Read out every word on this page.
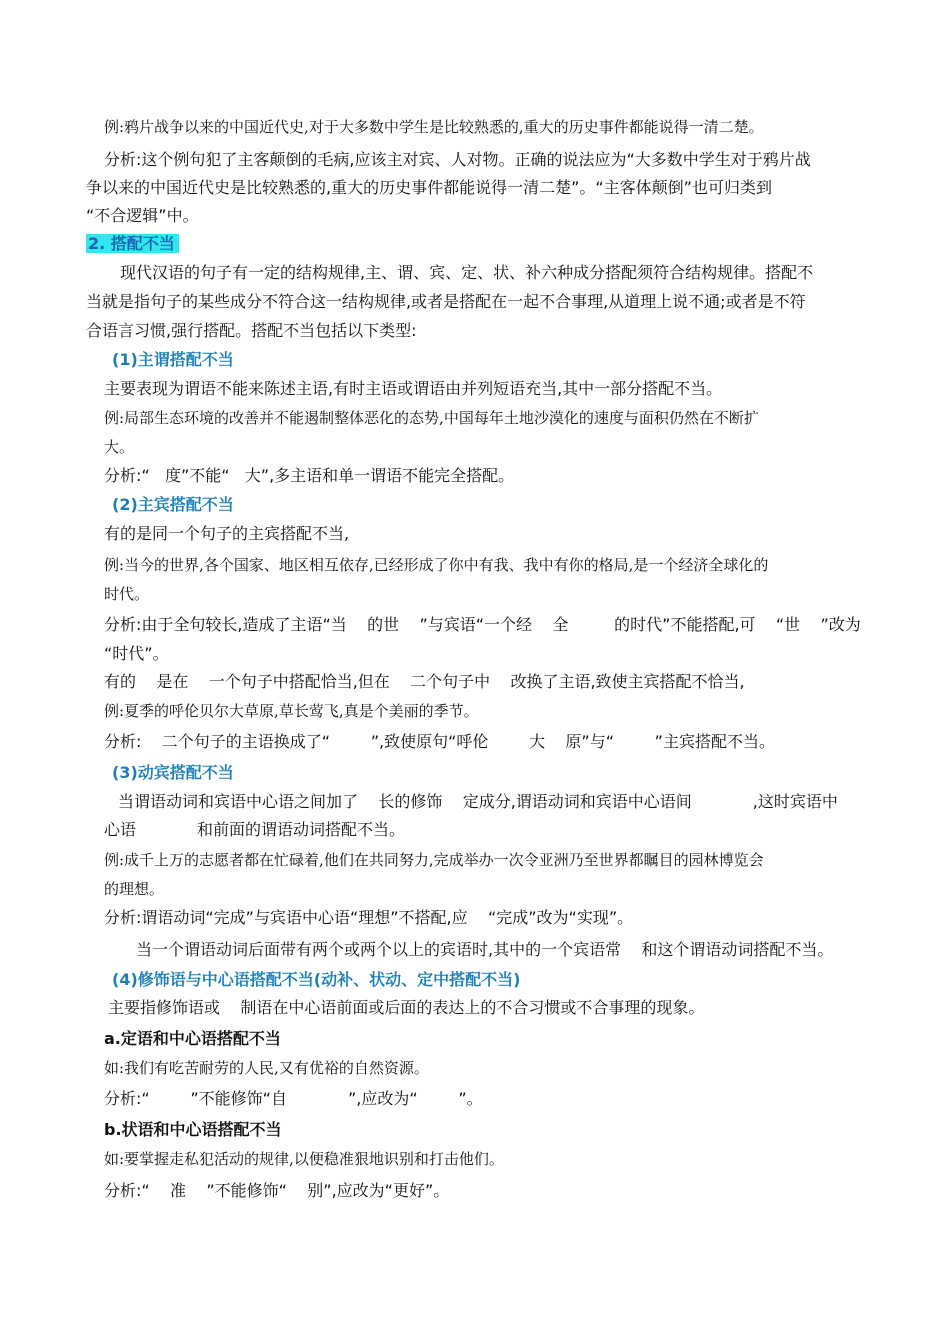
例:鸦片战争以来的中国近代史,对于大多数中学生是比较熟悉的,重大的历史事件都能说得一清二楚。
分析:这个例句犯了主客颠倒的毛病,应该主对宾、人对物。正确的说法应为“大多数中学生对于鸦片战
争以来的中国近代史是比较熟悉的,重大的历史事件都能说得一清二楚”。“主客体颠倒”也可归类到
“不合逻辑”中。
2. 搭配不当
现代汉语的句子有一定的结构规律,主、谓、宾、定、状、补六种成分搭配须符合结构规律。搭配不
当就是指句子的某些成分不符合这一结构规律,或者是搭配在一起不合事理,从道理上说不通;或者是不符
合语言习惯,强行搭配。搭配不当包括以下类型:
(1)主谓搭配不当
主要表现为谓语不能来陈述主语,有时主语或谓语由并列短语充当,其中一部分搭配不当。
例:局部生态环境的改善并不能遏制整体恶化的态势,中国每年土地沙漠化的速度与面积仍然在不断扩
大。
分析:“   度”不能“   大”,多主语和单一谓语不能完全搭配。
(2)主宾搭配不当
有的是同一个句子的主宾搭配不当,
例:当今的世界,各个国家、地区相互依存,已经形成了你中有我、我中有你的格局,是一个经济全球化的
时代。
分析:由于全句较长,造成了主语“当    的世    ”与宾语“一个经    全         的时代”不能搭配,可    “世    ”改为
“时代”。
有的    是在    一个句子中搭配恰当,但在    二个句子中    改换了主语,致使主宾搭配不恰当,
例:夏季的呼伦贝尔大草原,草长莺飞,真是个美丽的季节。
分析:    二个句子的主语换成了“        ”,致使原句“呼伦        大    原”与“        ”主宾搭配不当。
(3)动宾搭配不当
当谓语动词和宾语中心语之间加了    长的修饰    定成分,谓语动词和宾语中心语间            ,这时宾语中
心语            和前面的谓语动词搭配不当。
例:成千上万的志愿者都在忙碌着,他们在共同努力,完成举办一次令亚洲乃至世界都瞩目的园林博览会
的理想。
分析:谓语动词“完成”与宾语中心语“理想”不搭配,应    “完成”改为“实现”。
当一个谓语动词后面带有两个或两个以上的宾语时,其中的一个宾语常    和这个谓语动词搭配不当。
(4)修饰语与中心语搭配不当(动补、状动、定中搭配不当)
主要指修饰语或    制语在中心语前面或后面的表达上的不合习惯或不合事理的现象。
a.定语和中心语搭配不当
如:我们有吃苦耐劳的人民,又有优裕的自然资源。
分析:“        ”不能修饰“自            ”,应改为“        ”。
b.状语和中心语搭配不当
如:要掌握走私犯活动的规律,以便稳准狠地识别和打击他们。
分析:“    准    ”不能修饰“    别”,应改为“更好”。
